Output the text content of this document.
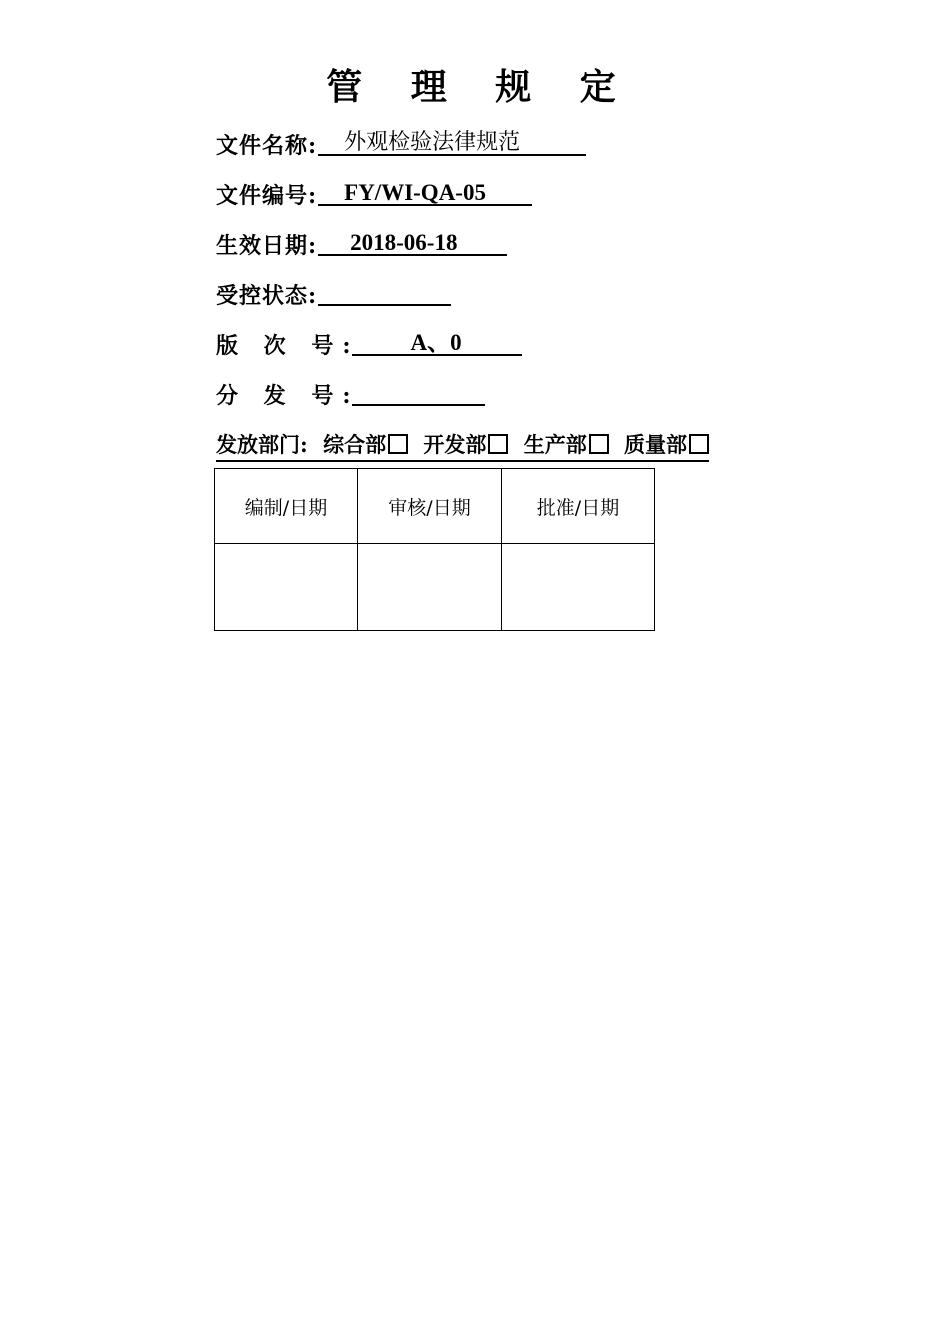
管 理 规 定
文件名称: 外观检验法律规范
文件编号: FY/WI-QA-05
生效日期: 2018-06-18
受控状态:
版 次 号:	A、0
分 发 号:
发放部门: 综合部 开发部 生产部 质量部
编制/日期	审核/日期	批准/日期
